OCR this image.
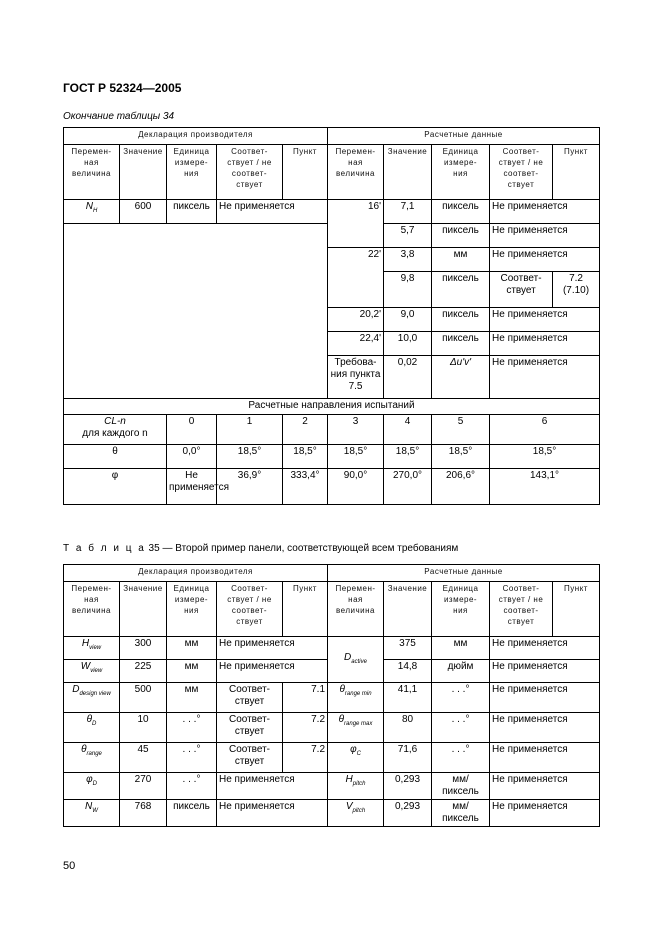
ГОСТ Р 52324—2005
Окончание таблицы 34
Декларация производителя					Расчетные данные				
Перемен-
ная
величина	Значение	Единица
измере-
ния	Соответ-
ствует / не
соответ-
ствует	Пункт	Перемен-
ная
величина	Значение	Единица
измере-
ния	Соответ-
ствует / не
соответ-
ствует	Пункт
$N_H$	600	пиксель	Не применяется		16'	7,1	пиксель	Не применяется	
						5,7	пиксель	Не применяется	
					22'	3,8	мм	Не применяется	
						9,8	пиксель	Соответ-
ствует	7.2
(7.10)
					20,2'	9,0	пиксель	Не применяется	
					22,4'	10,0	пиксель	Не применяется	
					Требова-
ния пункта
7.5	0,02	Δu'v'	Не применяется	
Расчетные направления испытаний									
CL-n
для каждого n		0	1	2	3	4	5	6	
θ		0,0°	18,5°	18,5°	18,5°	18,5°	18,5°	18,5°	
φ		Не
применяется	36,9°	333,4°	90,0°	270,0°	206,6°	143,1°	
Т а б л и ц а 35 — Второй пример панели, соответствующей всем требованиям
Декларация производителя					Расчетные данные				
Перемен-
ная
величина	Значение	Единица
измере-
ния	Соответ-
ствует / не
соответ-
ствует	Пункт	Перемен-
ная
величина	Значение	Единица
измере-
ния	Соответ-
ствует / не
соответ-
ствует	Пункт
$H_{view}$	300	мм	Не применяется		$D_{active}$	375	мм	Не применяется	
$W_{view}$	225	мм	Не применяется			14,8	дюйм	Не применяется	
$D_{design view}$	500	мм	Соответ-
ствует	7.1	$\theta_{range min}$	41,1	. . .°	Не применяется	
$\theta_D$	10	. . .°	Соответ-
ствует	7.2	$\theta_{range max}$	80	. . .°	Не применяется	
$\theta_{range}$	45	. . .°	Соответ-
ствует	7.2	$\varphi_C$	71,6	. . .°	Не применяется	
$\varphi_D$	270	. . .°	Не применяется		$H_{pitch}$	0,293	мм/пиксель	Не применяется	
$N_W$	768	пиксель	Не применяется		$V_{pitch}$	0,293	мм/пиксель	Не применяется	
50
